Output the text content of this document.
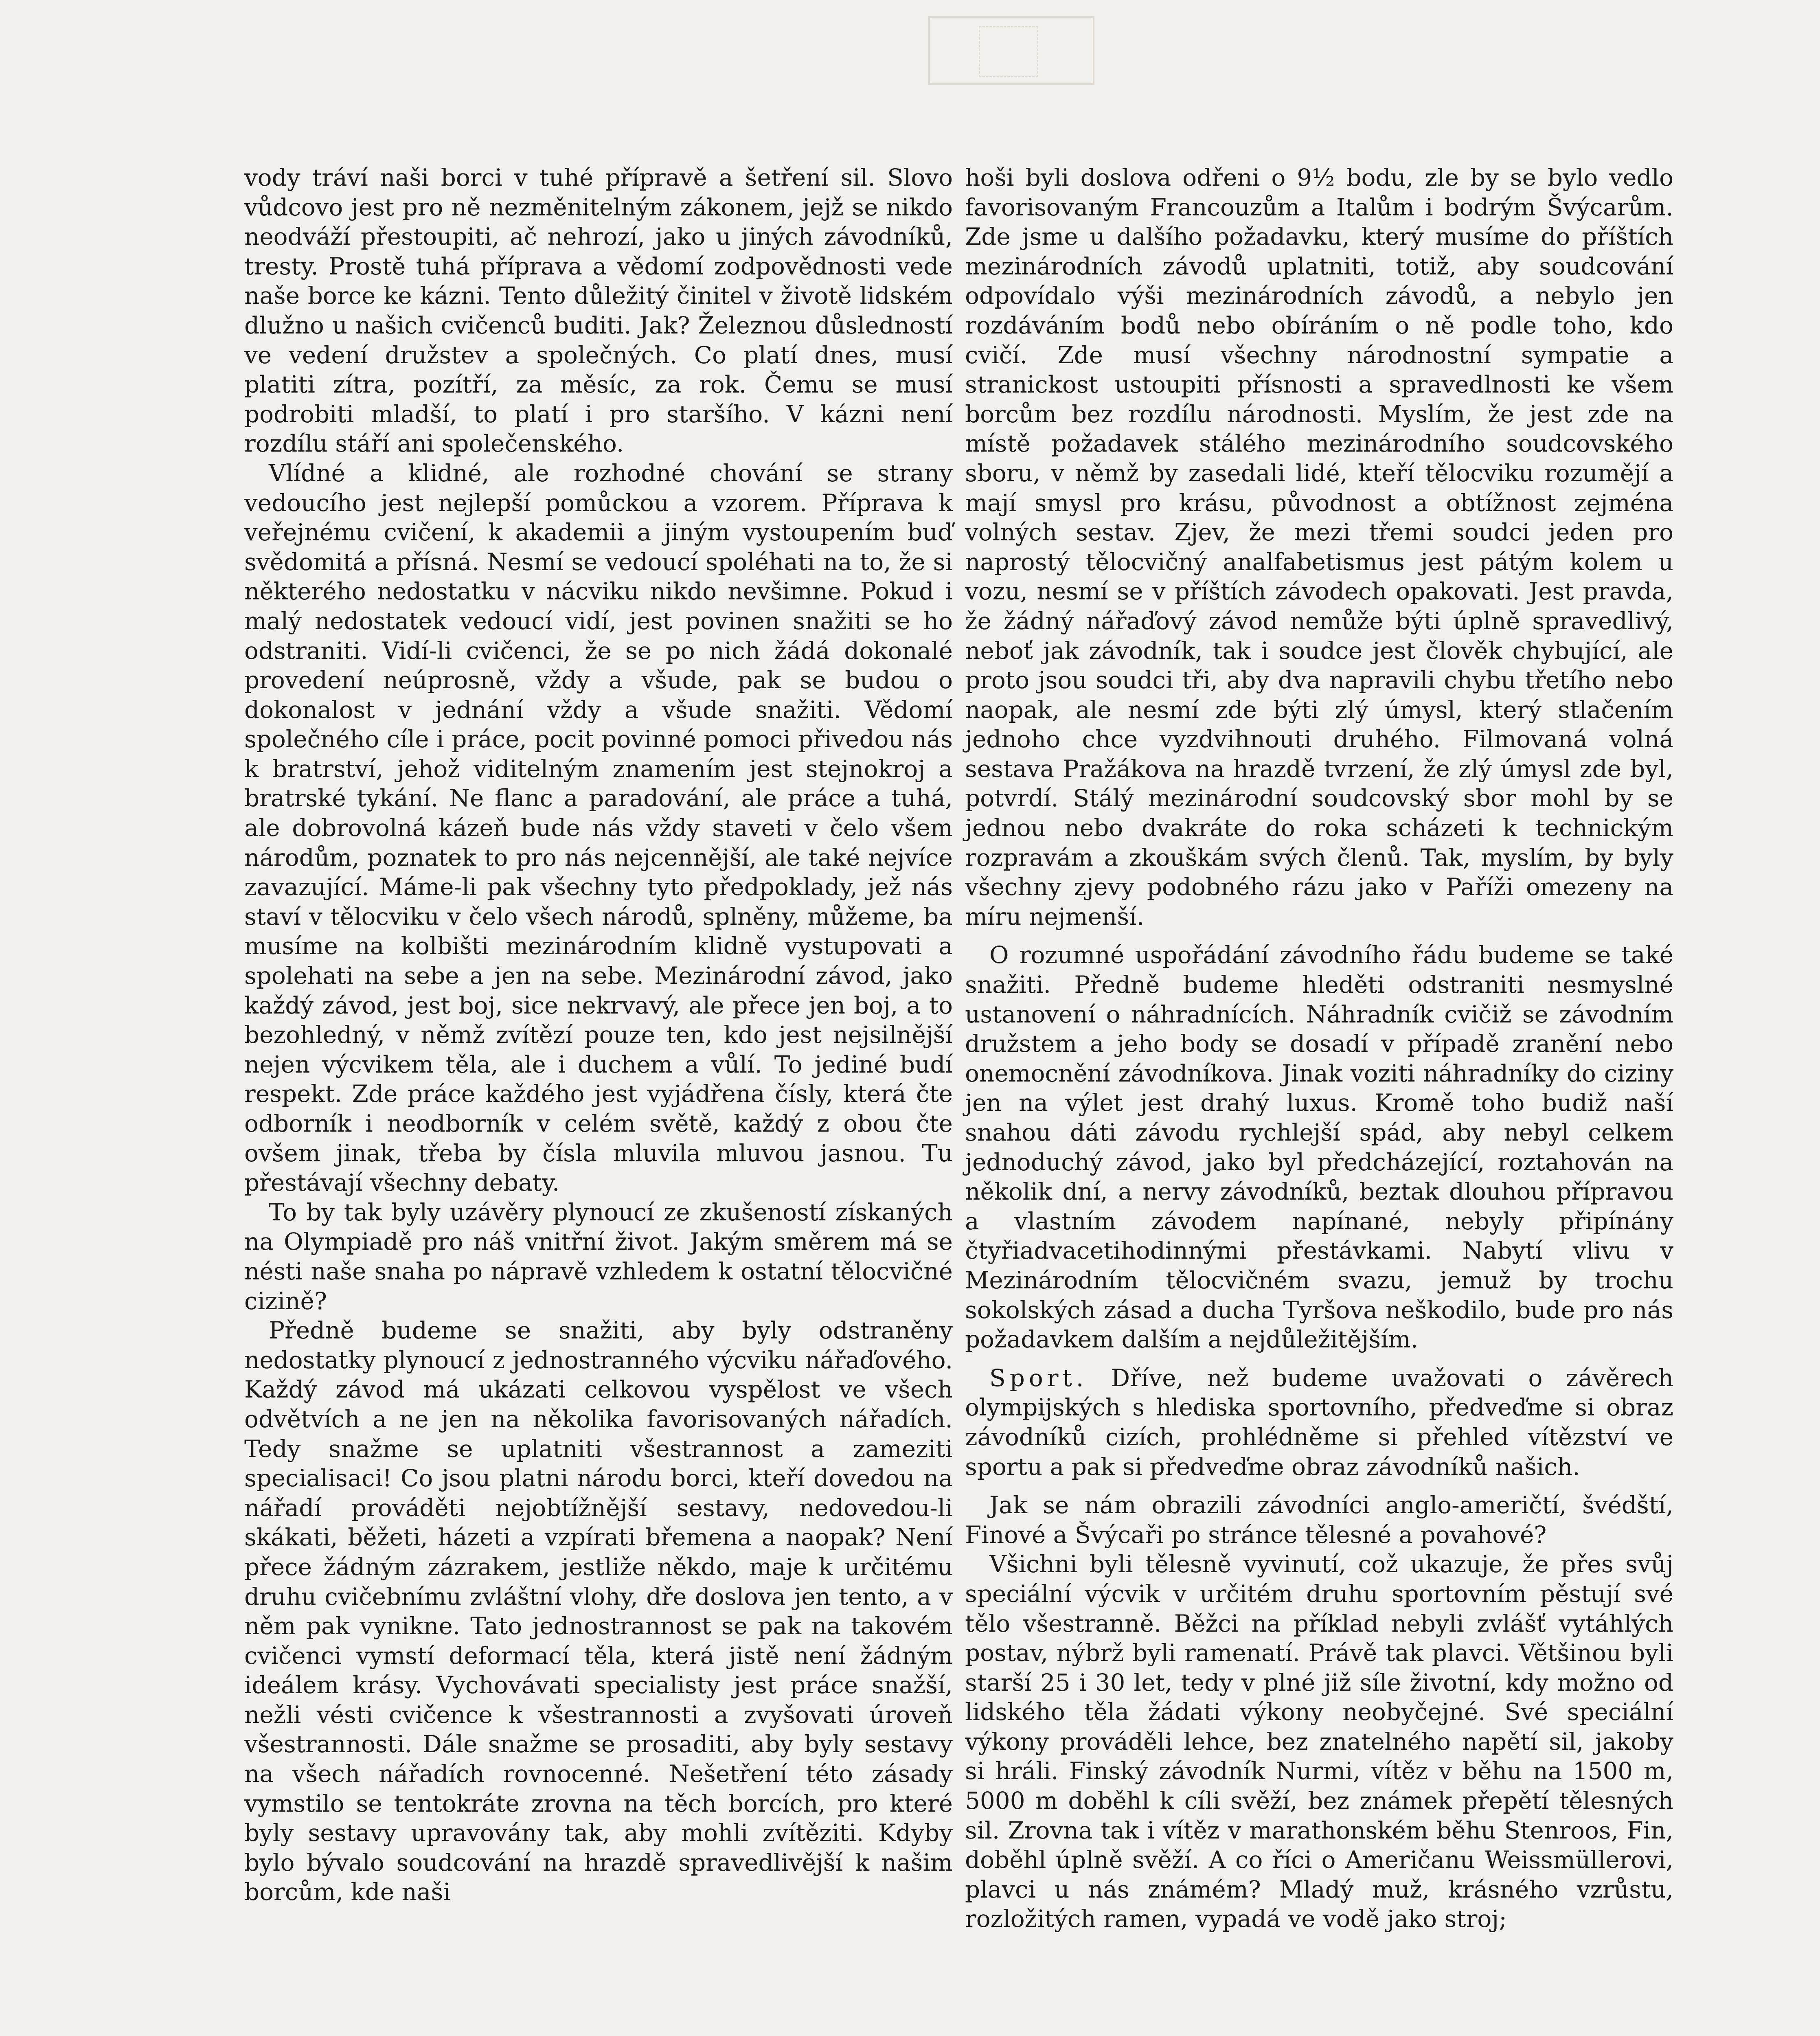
vody tráví naši borci v tuhé přípravě a šetření sil. Slovo vůdcovo jest pro ně nezměnitelným zákonem, jejž se nikdo neodváží přestoupiti, ač nehrozí, jako u jiných závodníků, tresty. Prostě tuhá příprava a vědomí zodpovědnosti vede naše borce ke kázni. Tento důležitý činitel v životě lidském dlužno u našich cvičenců buditi. Jak? Železnou důsledností ve vedení družstev a společných. Co platí dnes, musí platiti zítra, pozítří, za měsíc, za rok. Čemu se musí podrobiti mladší, to platí i pro staršího. V kázni není rozdílu stáří ani společenského.

Vlídné a klidné, ale rozhodné chování se strany vedoucího jest nejlepší pomůckou a vzorem. Příprava k veřejnému cvičení, k akademii a jiným vystoupením buď svědomitá a přísná. Nesmí se vedoucí spoléhati na to, že si některého nedostatku v nácviku nikdo nevšimne. Pokud i malý nedostatek vedoucí vidí, jest povinen snažiti se ho odstraniti. Vidí-li cvičenci, že se po nich žádá dokonalé provedení neúprosně, vždy a všude, pak se budou o dokonalost v jednání vždy a všude snažiti. Vědomí společného cíle i práce, pocit povinné pomoci přivedou nás k bratrství, jehož viditelným znamením jest stejnokroj a bratrské tykání. Ne flanc a paradování, ale práce a tuhá, ale dobrovolná kázeň bude nás vždy staveti v čelo všem národům, poznatek to pro nás nejcennější, ale také nejvíce zavazující. Máme-li pak všechny tyto předpoklady, jež nás staví v tělocviku v čelo všech národů, splněny, můžeme, ba musíme na kolbišti mezinárodním klidně vystupovati a spolehati na sebe a jen na sebe. Mezinárodní závod, jako každý závod, jest boj, sice nekrvavý, ale přece jen boj, a to bezohledný, v němž zvítězí pouze ten, kdo jest nejsilnější nejen výcvikem těla, ale i duchem a vůlí. To jediné budí respekt. Zde práce každého jest vyjádřena čísly, která čte odborník i neodborník v celém světě, každý z obou čte ovšem jinak, třeba by čísla mluvila mluvou jasnou. Tu přestávají všechny debaty.

To by tak byly uzávěry plynoucí ze zkušeností získaných na Olympiadě pro náš vnitřní život. Jakým směrem má se nésti naše snaha po nápravě vzhledem k ostatní tělocvičné cizině?

Předně budeme se snažiti, aby byly odstraněny nedostatky plynoucí z jednostranného výcviku nářaďového. Každý závod má ukázati celkovou vyspělost ve všech odvětvích a ne jen na několika favorisovaných nářadích. Tedy snažme se uplatniti všestrannost a zameziti specialisaci! Co jsou platni národu borci, kteří dovedou na nářadí prováděti nejobtížnější sestavy, nedovedou-li skákati, běžeti, házeti a vzpírati břemena a naopak? Není přece žádným zázrakem, jestliže někdo, maje k určitému druhu cvičebnímu zvláštní vlohy, dře doslova jen tento, a v něm pak vynikne. Tato jednostrannost se pak na takovém cvičenci vymstí deformací těla, která jistě není žádným ideálem krásy. Vychovávati specialisty jest práce snažší, nežli vésti cvičence k všestrannosti a zvyšovati úroveň všestrannosti. Dále snažme se prosaditi, aby byly sestavy na všech nářadích rovnocenné. Nešetření této zásady vymstilo se tentokráte zrovna na těch borcích, pro které byly sestavy upravovány tak, aby mohli zvítěziti. Kdyby bylo bývalo soudcování na hrazdě spravedlivější k našim borcům, kde naši

hoši byli doslova odřeni o 9½ bodu, zle by se bylo vedlo favorisovaným Francouzům a Italům i bodrým Švýcarům. Zde jsme u dalšího požadavku, který musíme do příštích mezinárodních závodů uplatniti, totiž, aby soudcování odpovídalo výši mezinárodních závodů, a nebylo jen rozdáváním bodů nebo obíráním o ně podle toho, kdo cvičí. Zde musí všechny národnostní sympatie a stranickost ustoupiti přísnosti a spravedlnosti ke všem borcům bez rozdílu národnosti. Myslím, že jest zde na místě požadavek stálého mezinárodního soudcovského sboru, v němž by zasedali lidé, kteří tělocviku rozumějí a mají smysl pro krásu, původnost a obtížnost zejména volných sestav. Zjev, že mezi třemi soudci jeden pro naprostý tělocvičný analfabetismus jest pátým kolem u vozu, nesmí se v příštích závodech opakovati. Jest pravda, že žádný nářaďový závod nemůže býti úplně spravedlivý, neboť jak závodník, tak i soudce jest člověk chybující, ale proto jsou soudci tři, aby dva napravili chybu třetího nebo naopak, ale nesmí zde býti zlý úmysl, který stlačením jednoho chce vyzdvihnouti druhého. Filmovaná volná sestava Pražákova na hrazdě tvrzení, že zlý úmysl zde byl, potvrdí. Stálý mezinárodní soudcovský sbor mohl by se jednou nebo dvakráte do roka scházeti k technickým rozpravám a zkouškám svých členů. Tak, myslím, by byly všechny zjevy podobného rázu jako v Paříži omezeny na míru nejmenší.

O rozumné uspořádání závodního řádu budeme se také snažiti. Předně budeme hleděti odstraniti nesmyslné ustanovení o náhradnících. Náhradník cvičiž se závodním družstem a jeho body se dosadí v případě zranění nebo onemocnění závodníkova. Jinak voziti náhradníky do ciziny jen na výlet jest drahý luxus. Kromě toho budiž naší snahou dáti závodu rychlejší spád, aby nebyl celkem jednoduchý závod, jako byl předcházející, roztahován na několik dní, a nervy závodníků, beztak dlouhou přípravou a vlastním závodem napínané, nebyly připínány čtyřiadvacetihodinnými přestávkami. Nabytí vlivu v Mezinárodním tělocvičném svazu, jemuž by trochu sokolských zásad a ducha Tyršova neškodilo, bude pro nás požadavkem dalším a nejdůležitějším.

Sport. Dříve, než budeme uvažovati o závěrech olympijských s hlediska sportovního, předveďme si obraz závodníků cizích, prohlédněme si přehled vítězství ve sportu a pak si předveďme obraz závodníků našich.

Jak se nám obrazili závodníci anglo-američtí, švédští, Finové a Švýcaři po stránce tělesné a povahové?

Všichni byli tělesně vyvinutí, což ukazuje, že přes svůj speciální výcvik v určitém druhu sportovním pěstují své tělo všestranně. Běžci na příklad nebyli zvlášť vytáhlých postav, nýbrž byli ramenatí. Právě tak plavci. Většinou byli starší 25 i 30 let, tedy v plné již síle životní, kdy možno od lidského těla žádati výkony neobyčejné. Své speciální výkony prováděli lehce, bez znatelného napětí sil, jakoby si hráli. Finský závodník Nurmi, vítěz v běhu na 1500 m, 5000 m doběhl k cíli svěží, bez známek přepětí tělesných sil. Zrovna tak i vítěz v marathonském běhu Stenroos, Fin, doběhl úplně svěží. A co říci o Američanu Weissmüllerovi, plavci u nás známém? Mladý muž, krásného vzrůstu, rozložitých ramen, vypadá ve vodě jako stroj;
